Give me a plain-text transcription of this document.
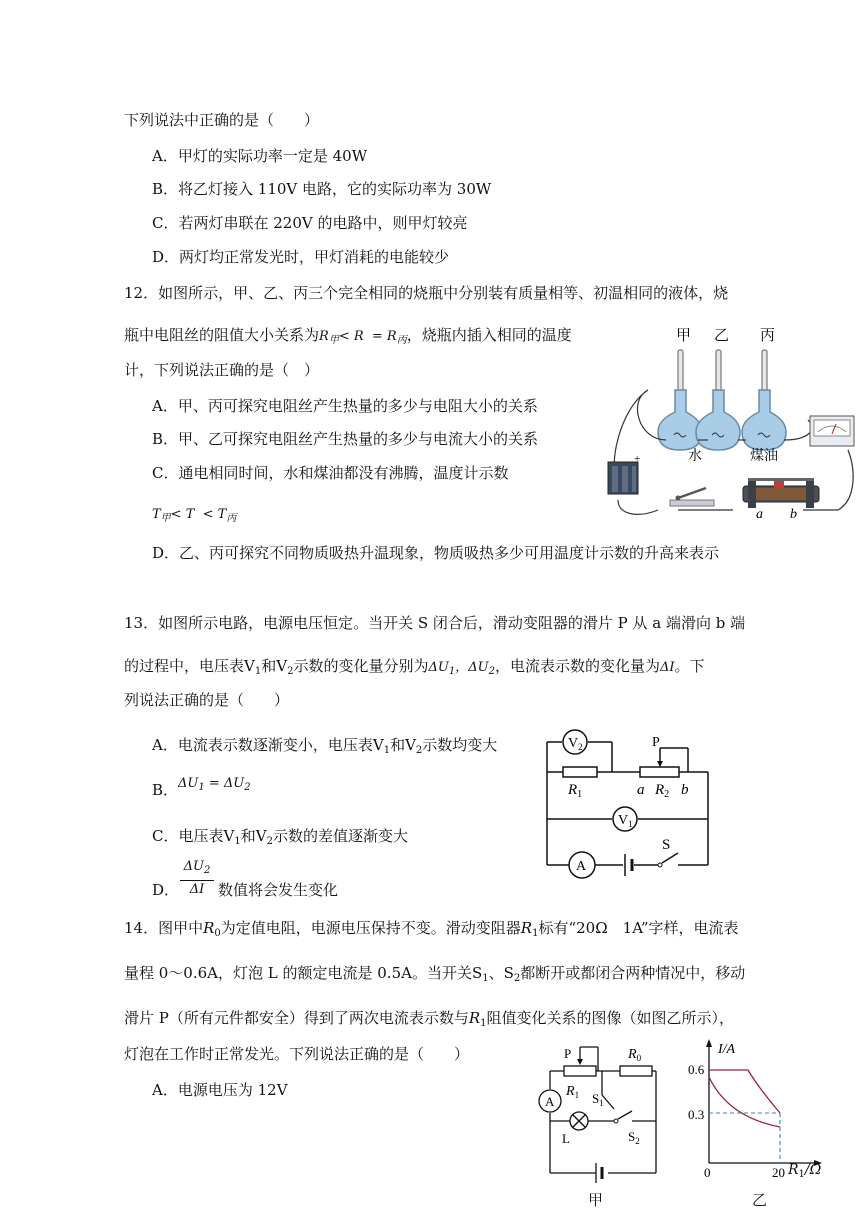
下列说法中正确的是（　　）
A．甲灯的实际功率一定是 40W
B．将乙灯接入 110V 电路，它的实际功率为 30W
C．若两灯串联在 220V 的电路中，则甲灯较亮
D．两灯均正常发光时，甲灯消耗的电能较少
12．如图所示，甲、乙、丙三个完全相同的烧瓶中分别装有质量相等、初温相同的液体，烧
瓶中电阻丝的阻值大小关系为$R_甲< R = R_丙$，烧瓶内插入相同的温度
计，下列说法正确的是（　）
A．甲、丙可探究电阻丝产生热量的多少与电阻大小的关系
B．甲、乙可探究电阻丝产生热量的多少与电流大小的关系
C．通电相同时间，水和煤油都没有沸腾，温度计示数
$T_甲< T < T_丙$
D．乙、丙可探究不同物质吸热升温现象，物质吸热多少可用温度计示数的升高来表示
甲 乙 丙
水	煤油
+
a b
13．如图所示电路，电源电压恒定。当开关 S 闭合后，滑动变阻器的滑片 P 从 a 端滑向 b 端
的过程中，电压表$V_1$和$V_2$示数的变化量分别为$\Delta U_1$，$\Delta U_2$，电流表示数的变化量为ΔI。下
列说法正确的是（　　）
A．电流表示数逐渐变小，电压表$V_1$和$V_2$示数均变大
B．$\Delta U_1 = \Delta U_2$
C．电压表$V_1$和$V_2$示数的差值逐渐变大
D．
$\Delta U_2$
ΔI 数值将会发生变化
$V_2$
$R_1$
P
a $R_2$ b
$V_1$
A
S
14．图甲中$R_0$为定值电阻，电源电压保持不变。滑动变阻器$R_1$标有“20Ω　1A”字样，电流表
量程 0～0.6A，灯泡 L 的额定电流是 0.5A。当开关$S_1$、$S_2$都断开或都闭合两种情况中，移动
滑片 P（所有元件都安全）得到了两次电流表示数与$R_1$阻值变化关系的图像（如图乙所示），
灯泡在工作时正常发光。下列说法正确的是（　　）
A．电源电压为 12V
P
$R_1$
$R_0$
A
L
$S_1$
$S_2$
甲
I/A
0.6
0.3
0	20 $R_1/\Omega$
乙
